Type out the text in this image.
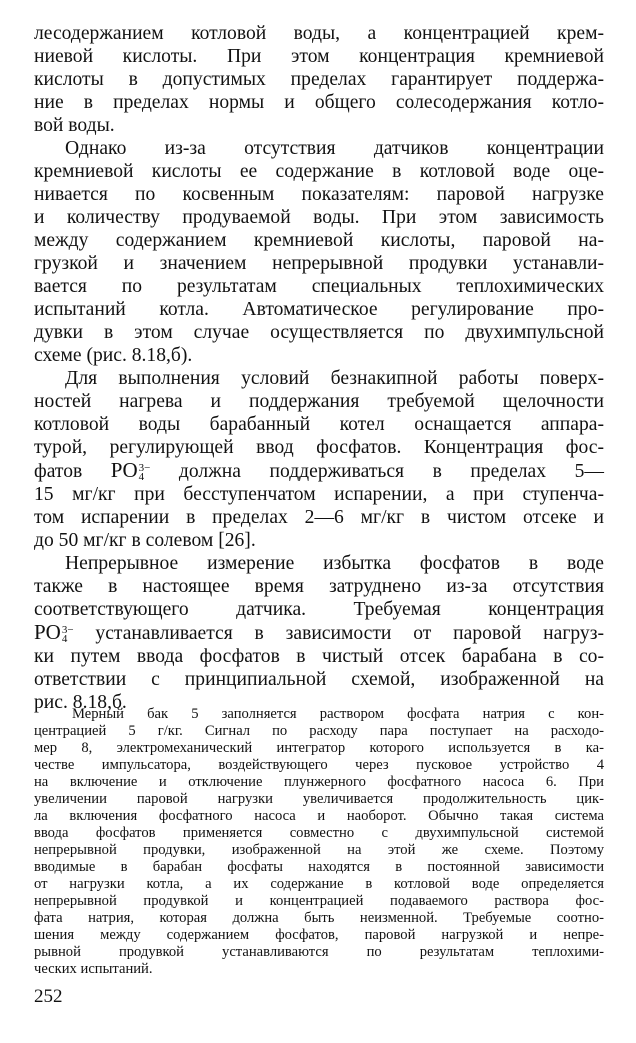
лесодержанием котловой воды, а концентрацией крем-
ниевой кислоты. При этом концентрация кремниевой
кислоты в допустимых пределах гарантирует поддержа-
ние в пределах нормы и общего солесодержания котло-
вой воды.
Однако из-за отсутствия датчиков концентрации
кремниевой кислоты ее содержание в котловой воде оце-
нивается по косвенным показателям: паровой нагрузке
и количеству продуваемой воды. При этом зависимость
между содержанием кремниевой кислоты, паровой на-
грузкой и значением непрерывной продувки устанавли-
вается по результатам специальных теплохимических
испытаний котла. Автоматическое регулирование про-
дувки в этом случае осуществляется по двухимпульсной
схеме (рис. 8.18,б).
Для выполнения условий безнакипной работы поверх-
ностей нагрева и поддержания требуемой щелочности
котловой воды барабанный котел оснащается аппара-
турой, регулирующей ввод фосфатов. Концентрация фос-
фатов PO 3−
4	должна поддерживаться в пределах 5—
15 мг/кг при бесступенчатом испарении, а при ступенча-
том испарении в пределах 2—6 мг/кг в чистом отсеке и
до 50 мг/кг в солевом [26].
Непрерывное измерение избытка фосфатов в воде
также в настоящее время затруднено из-за отсутствия
соответствующего датчика. Требуемая концентрация
PO 3−
4	устанавливается в зависимости от паровой нагруз-
ки путем ввода фосфатов в чистый отсек барабана в со-
ответствии с принципиальной схемой, изображенной на
рис. 8.18,б.
Мерный бак 5 заполняется раствором фосфата натрия с кон-
центрацией 5 г/кг. Сигнал по расходу пара поступает на расходо-
мер 8, электромеханический интегратор которого используется в ка-
честве импульсатора, воздействующего через пусковое устройство 4
на включение и отключение плунжерного фосфатного насоса 6. При
увеличении паровой нагрузки увеличивается продолжительность цик-
ла включения фосфатного насоса и наоборот. Обычно такая система
ввода фосфатов применяется совместно с двухимпульсной системой
непрерывной продувки, изображенной на этой же схеме. Поэтому
вводимые в барабан фосфаты находятся в постоянной зависимости
от нагрузки котла, а их содержание в котловой воде определяется
непрерывной продувкой и концентрацией подаваемого раствора фос-
фата натрия, которая должна быть неизменной. Требуемые соотно-
шения между содержанием фосфатов, паровой нагрузкой и непре-
рывной продувкой устанавливаются по результатам теплохими-
ческих испытаний.
252
